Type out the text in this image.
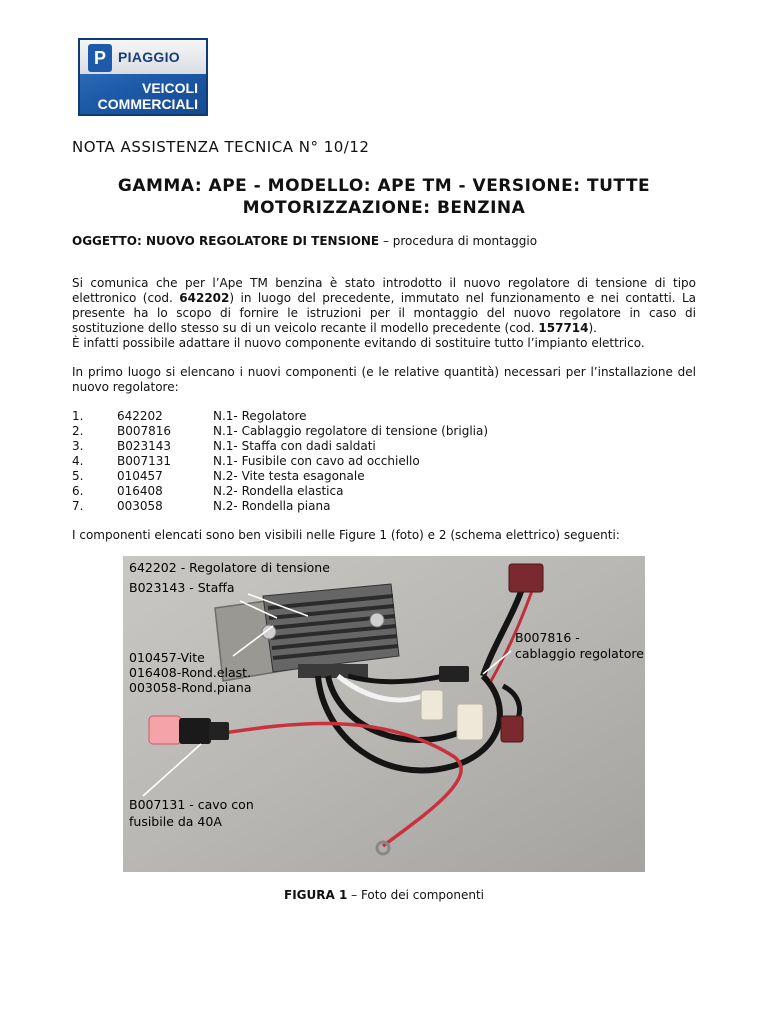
P PIAGGIO
VEICOLI
COMMERCIALI
NOTA ASSISTENZA TECNICA N° 10/12
GAMMA: APE - MODELLO: APE TM - VERSIONE: TUTTE
MOTORIZZAZIONE: BENZINA
OGGETTO: NUOVO REGOLATORE DI TENSIONE – procedura di montaggio

Si comunica che per l’Ape TM benzina è stato introdotto il nuovo regolatore di tensione di tipo elettronico (cod. 642202) in luogo del precedente, immutato nel funzionamento e nei contatti. La presente ha lo scopo di fornire le istruzioni per il montaggio del nuovo regolatore in caso di sostituzione dello stesso su di un veicolo recante il modello precedente (cod. 157714).
È infatti possibile adattare il nuovo componente evitando di sostituire tutto l’impianto elettrico.

In primo luogo si elencano i nuovi componenti (e le relative quantità) necessari per l’installazione del nuovo regolatore:

1.	642202	N.1- Regolatore
2.	B007816	N.1- Cablaggio regolatore di tensione (briglia)
3.	B023143	N.1- Staffa con dadi saldati
4.	B007131	N.1- Fusibile con cavo ad occhiello
5.	010457	N.2- Vite testa esagonale
6.	016408	N.2- Rondella elastica
7.	003058	N.2- Rondella piana

I componenti elencati sono ben visibili nelle Figure 1 (foto) e 2 (schema elettrico) seguenti:

642202 - Regolatore di tensione
B023143 - Staffa
010457-Vite
016408-Rond.elast.
003058-Rond.piana
B007816 -
cablaggio regolatore
B007131 - cavo con
fusibile da 40A
FIGURA 1 – Foto dei componenti
